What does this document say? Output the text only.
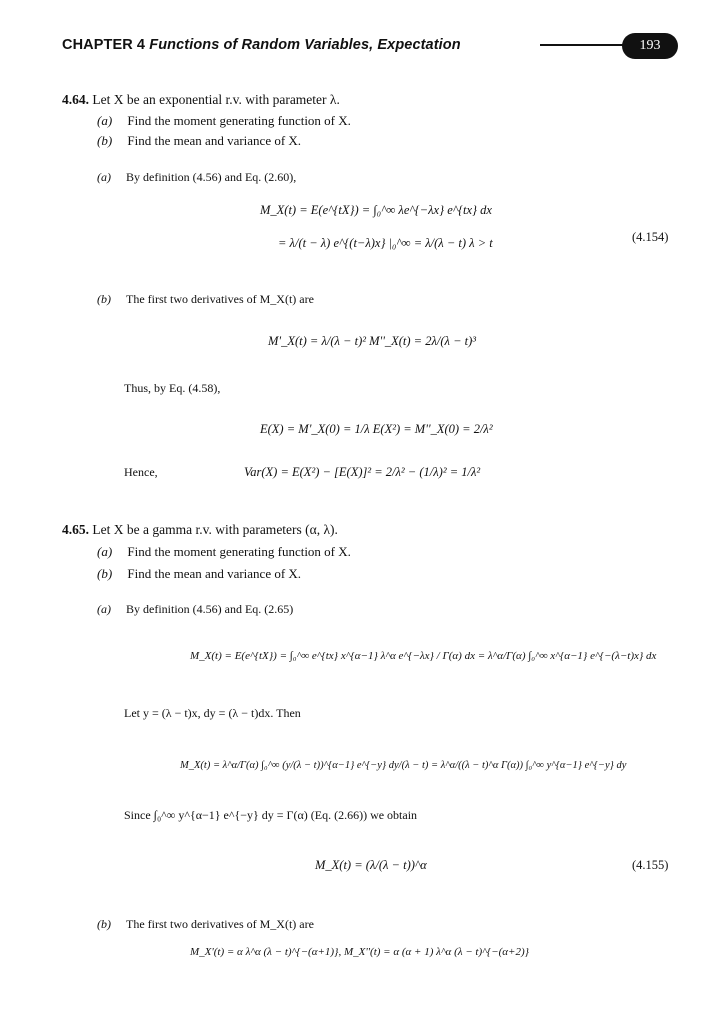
CHAPTER 4 Functions of Random Variables, Expectation	193
4.64. Let X be an exponential r.v. with parameter λ.
(a) Find the moment generating function of X.
(b) Find the mean and variance of X.
(a) By definition (4.56) and Eq. (2.60),
M_X(t) = E(e^{tX}) = ∫₀^∞ λe^{−λx} e^{tx} dx
= λ/(t − λ) e^{(t−λ)x} |₀^∞ = λ/(λ − t) λ > t	(4.154)
(b) The first two derivatives of M_X(t) are
M'_X(t) = λ/(λ − t)² M''_X(t) = 2λ/(λ − t)³
Thus, by Eq. (4.58),
E(X) = M'_X(0) = 1/λ E(X²) = M''_X(0) = 2/λ²
Hence,	Var(X) = E(X²) − [E(X)]² = 2/λ² − (1/λ)² = 1/λ²
4.65. Let X be a gamma r.v. with parameters (α, λ).
(a) Find the moment generating function of X.
(b) Find the mean and variance of X.
(a) By definition (4.56) and Eq. (2.65)
M_X(t) = E(e^{tX}) = ∫₀^∞ e^{tx} x^{α−1} λ^α e^{−λx} / Γ(α) dx = λ^α/Γ(α) ∫₀^∞ x^{α−1} e^{−(λ−t)x} dx
Let y = (λ − t)x, dy = (λ − t)dx. Then
M_X(t) = λ^α/Γ(α) ∫₀^∞ (y/(λ − t))^{α−1} e^{−y} dy/(λ − t) = λ^α/((λ − t)^α Γ(α)) ∫₀^∞ y^{α−1} e^{−y} dy
Since ∫₀^∞ y^{α−1} e^{−y} dy = Γ(α) (Eq. (2.66)) we obtain
M_X(t) = (λ/(λ − t))^α	(4.155)
(b) The first two derivatives of M_X(t) are
M_X'(t) = α λ^α (λ − t)^{−(α+1)}, M_X''(t) = α (α + 1) λ^α (λ − t)^{−(α+2)}
